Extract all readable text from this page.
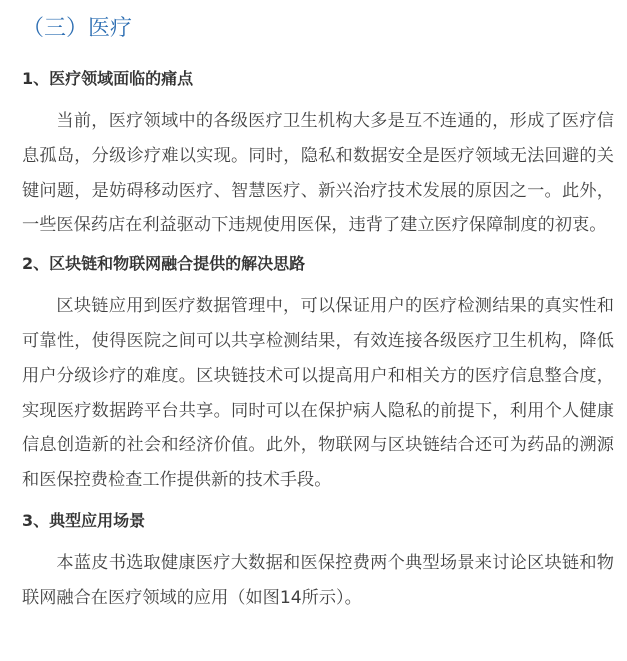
（三）医疗
1、医疗领域面临的痛点

当前，医疗领域中的各级医疗卫生机构大多是互不连通的，形成了医疗信息孤岛，分级诊疗难以实现。同时，隐私和数据安全是医疗领域无法回避的关键问题，是妨碍移动医疗、智慧医疗、新兴治疗技术发展的原因之一。此外，一些医保药店在利益驱动下违规使用医保，违背了建立医疗保障制度的初衷。

2、区块链和物联网融合提供的解决思路

区块链应用到医疗数据管理中，可以保证用户的医疗检测结果的真实性和可靠性，使得医院之间可以共享检测结果，有效连接各级医疗卫生机构，降低用户分级诊疗的难度。区块链技术可以提高用户和相关方的医疗信息整合度，实现医疗数据跨平台共享。同时可以在保护病人隐私的前提下，利用个人健康信息创造新的社会和经济价值。此外，物联网与区块链结合还可为药品的溯源和医保控费检查工作提供新的技术手段。

3、典型应用场景

本蓝皮书选取健康医疗大数据和医保控费两个典型场景来讨论区块链和物联网融合在医疗领域的应用（如图14所示）。
